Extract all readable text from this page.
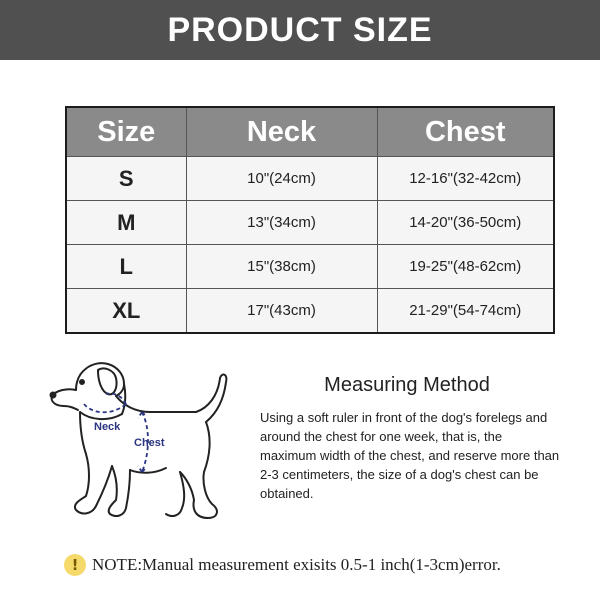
PRODUCT SIZE
Size	Neck	Chest
S	10"(24cm)	12-16"(32-42cm)
M	13"(34cm)	14-20"(36-50cm)
L	15"(38cm)	19-25"(48-62cm)
XL	17"(43cm)	21-29"(54-74cm)
Neck
Chest
Measuring Method

Using a soft ruler in front of the dog's forelegs and around the chest for one week, that is, the maximum width of the chest, and reserve more than 2-3 centimeters, the size of a dog's chest can be obtained.

! NOTE:Manual measurement exisits 0.5-1 inch(1-3cm)error.
